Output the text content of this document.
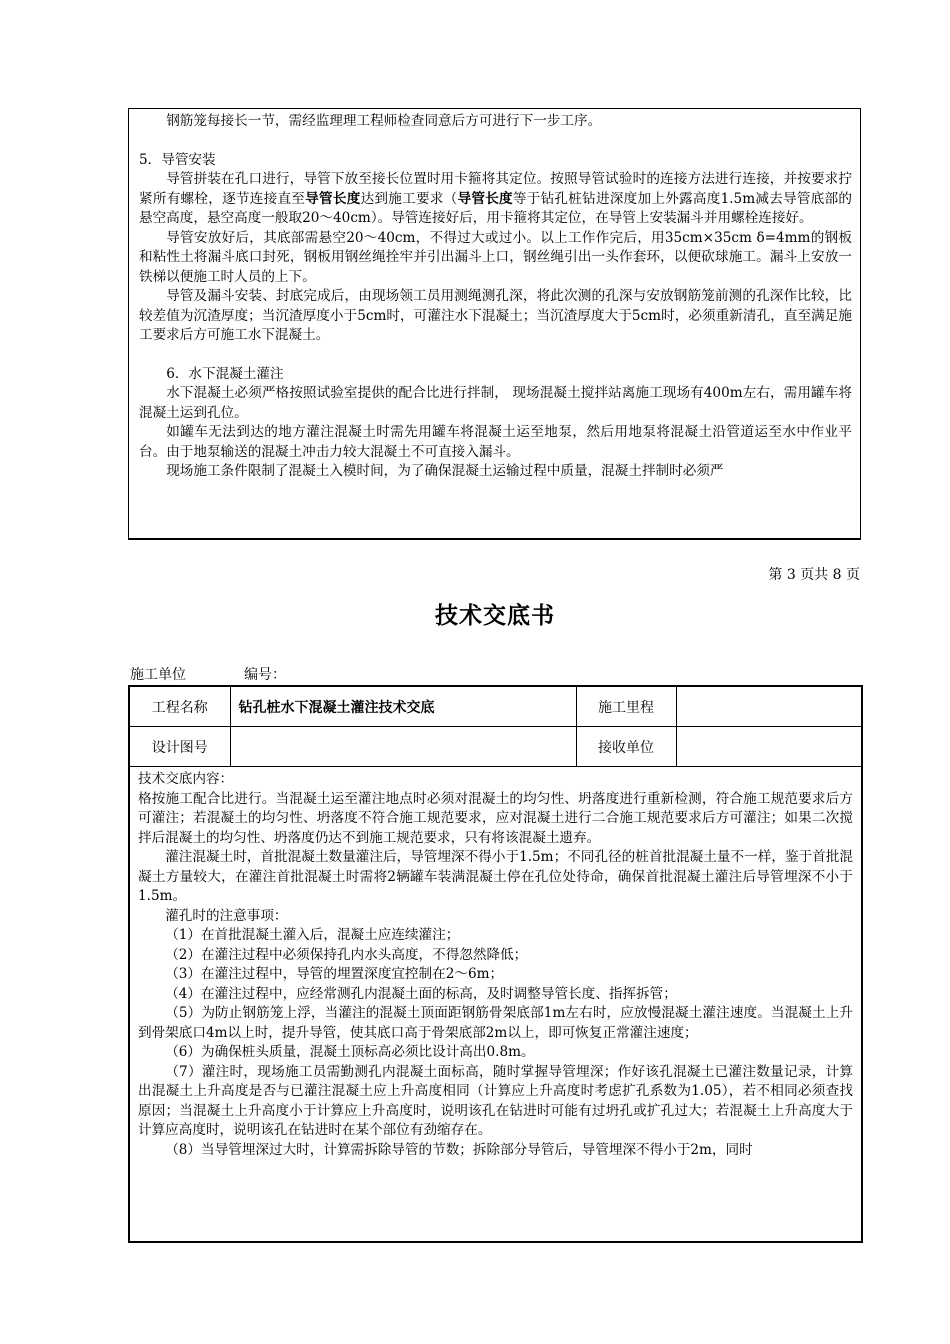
钢筋笼每接长一节，需经监理理工程师检查同意后方可进行下一步工序。

5．导管安装

导管拼装在孔口进行，导管下放至接长位置时用卡箍将其定位。按照导管试验时的连接方法进行连接，并按要求拧紧所有螺栓，逐节连接直至导管长度达到施工要求（导管长度等于钻孔桩钻进深度加上外露高度1.5m减去导管底部的悬空高度，悬空高度一般取20～40cm）。导管连接好后，用卡箍将其定位，在导管上安装漏斗并用螺栓连接好。

导管安放好后，其底部需悬空20～40cm，不得过大或过小。以上工作作完后，用35cm×35cm δ=4mm的钢板和粘性土将漏斗底口封死，钢板用钢丝绳拴牢并引出漏斗上口，钢丝绳引出一头作套环，以便砍球施工。漏斗上安放一铁梯以便施工时人员的上下。

导管及漏斗安装、封底完成后，由现场领工员用测绳测孔深，将此次测的孔深与安放钢筋笼前测的孔深作比较，比较差值为沉渣厚度；当沉渣厚度小于5cm时，可灌注水下混凝土；当沉渣厚度大于5cm时，必须重新清孔，直至满足施工要求后方可施工水下混凝土。

6．水下混凝土灌注

水下混凝土必须严格按照试验室提供的配合比进行拌制， 现场混凝土搅拌站离施工现场有400m左右，需用罐车将混凝土运到孔位。

如罐车无法到达的地方灌注混凝土时需先用罐车将混凝土运至地泵，然后用地泵将混凝土沿管道运至水中作业平台。由于地泵输送的混凝土冲击力较大混凝土不可直接入漏斗。

现场施工条件限制了混凝土入模时间，为了确保混凝土运输过程中质量，混凝土拌制时必须严

第 3 页共 8 页
技术交底书
施工单位	编号：
工程名称	钻孔桩水下混凝土灌注技术交底	施工里程	
设计图号		接收单位	

技术交底内容：

格按施工配合比进行。当混凝土运至灌注地点时必须对混凝土的均匀性、坍落度进行重新检测，符合施工规范要求后方可灌注；若混凝土的均匀性、坍落度不符合施工规范要求，应对混凝土进行二合施工规范要求后方可灌注；如果二次搅拌后混凝土的均匀性、坍落度仍达不到施工规范要求，只有将该混凝土遗弃。

灌注混凝土时，首批混凝土数量灌注后，导管埋深不得小于1.5m；不同孔径的桩首批混凝土量不一样，鉴于首批混凝土方量较大，在灌注首批混凝土时需将2辆罐车装满混凝土停在孔位处待命，确保首批混凝土灌注后导管埋深不小于1.5m。

灌孔时的注意事项：

（1）在首批混凝土灌入后，混凝土应连续灌注；

（2）在灌注过程中必须保持孔内水头高度，不得忽然降低；

（3）在灌注过程中，导管的埋置深度宜控制在2～6m；

（4）在灌注过程中，应经常测孔内混凝土面的标高，及时调整导管长度、指挥拆管；

（5）为防止钢筋笼上浮，当灌注的混凝土顶面距钢筋骨架底部1m左右时，应放慢混凝土灌注速度。当混凝土上升到骨架底口4m以上时，提升导管，使其底口高于骨架底部2m以上，即可恢复正常灌注速度；

（6）为确保桩头质量，混凝土顶标高必须比设计高出0.8m。

（7）灌注时，现场施工员需勤测孔内混凝土面标高，随时掌握导管埋深；作好该孔混凝土已灌注数量记录，计算出混凝土上升高度是否与已灌注混凝土应上升高度相同（计算应上升高度时考虑扩孔系数为1.05），若不相同必须查找原因；当混凝土上升高度小于计算应上升高度时，说明该孔在钻进时可能有过坍孔或扩孔过大；若混凝土上升高度大于计算应高度时，说明该孔在钻进时在某个部位有劲缩存在。

（8）当导管埋深过大时，计算需拆除导管的节数；拆除部分导管后，导管埋深不得小于2m，同时
